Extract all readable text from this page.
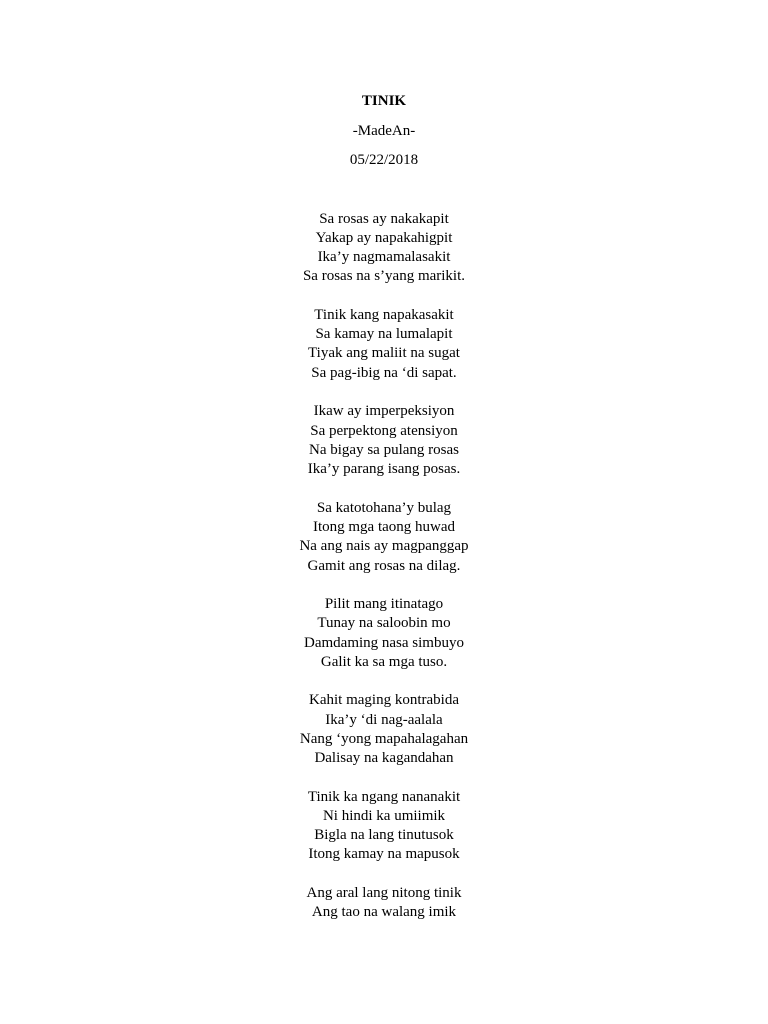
TINIK
-MadeAn-
05/22/2018
Sa rosas ay nakakapit
Yakap ay napakahigpit
Ika’y nagmamalasakit
Sa rosas na s’yang marikit.
Tinik kang napakasakit
Sa kamay na lumalapit
Tiyak ang maliit na sugat
Sa pag-ibig na ‘di sapat.
Ikaw ay imperpeksiyon
Sa perpektong atensiyon
Na bigay sa pulang rosas
Ika’y parang isang posas.
Sa katotohana’y bulag
Itong mga taong huwad
Na ang nais ay magpanggap
Gamit ang rosas na dilag.
Pilit mang itinatago
Tunay na saloobin mo
Damdaming nasa simbuyo
Galit ka sa mga tuso.
Kahit maging kontrabida
Ika’y ‘di nag-aalala
Nang ‘yong mapahalagahan
Dalisay na kagandahan
Tinik ka ngang nananakit
Ni hindi ka umiimik
Bigla na lang tinutusok
Itong kamay na mapusok
Ang aral lang nitong tinik
Ang tao na walang imik
